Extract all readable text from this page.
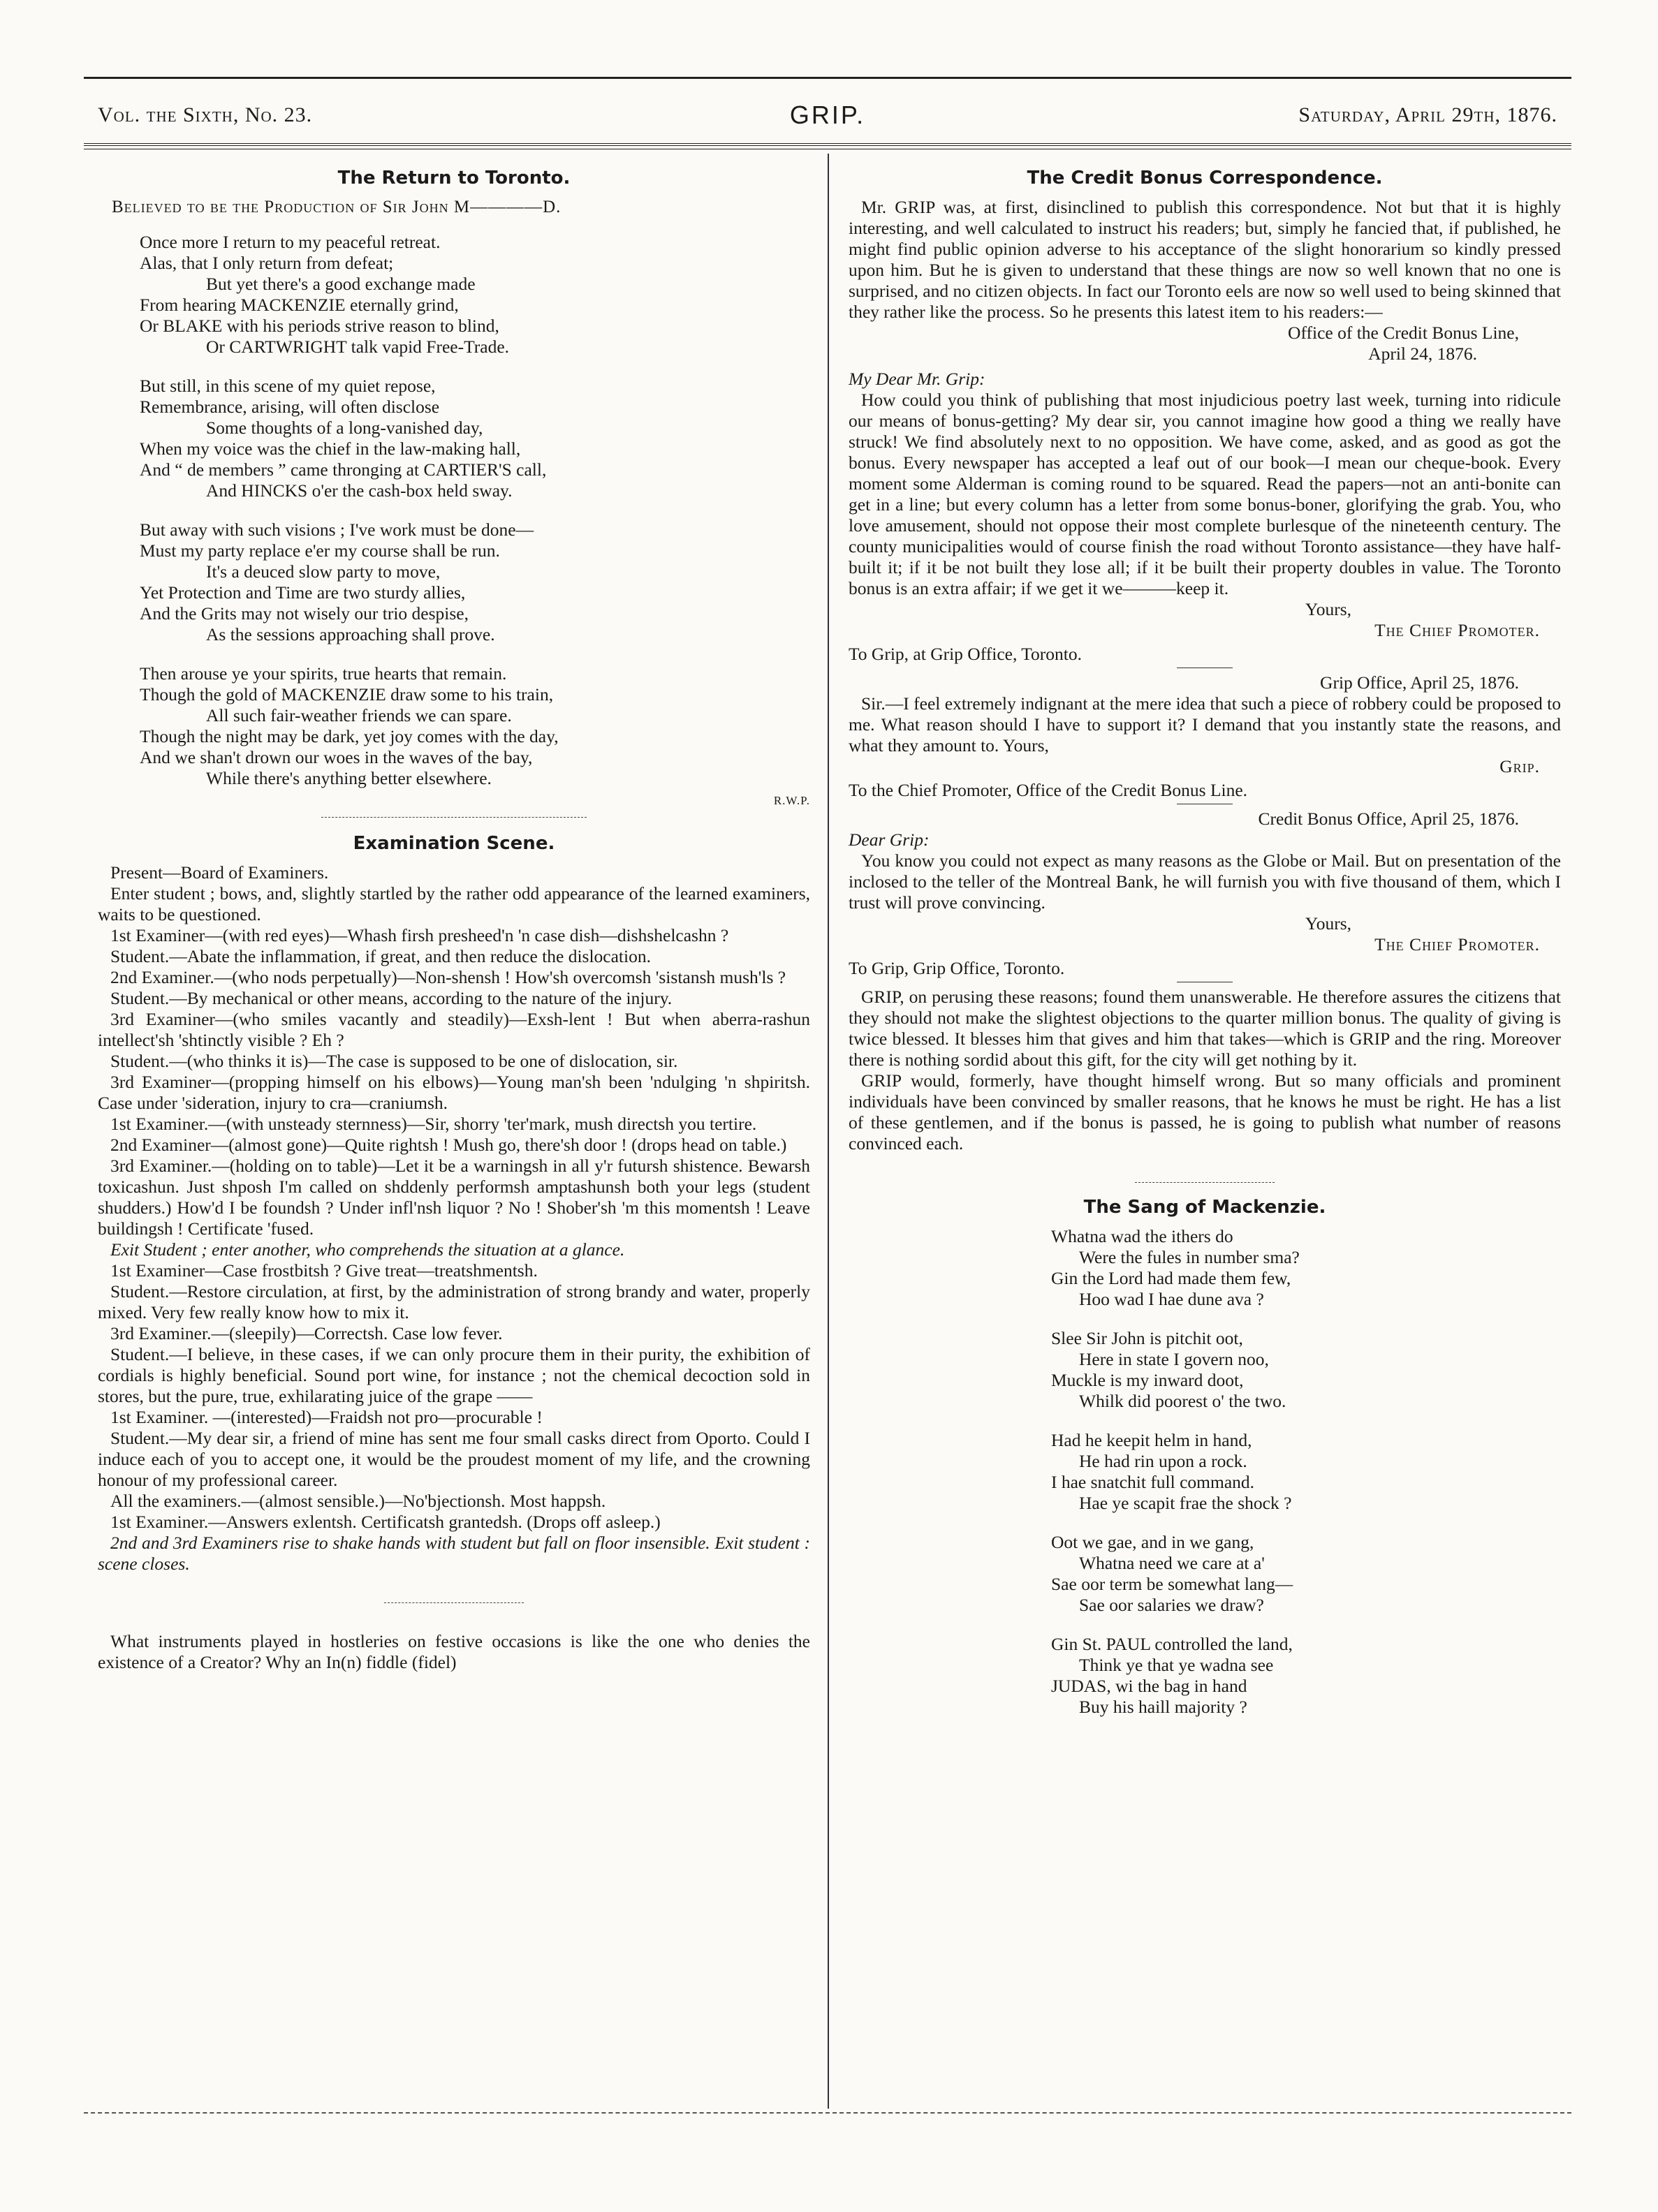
Vol. the Sixth, No. 23.	GRIP.	Saturday, April 29th, 1876.
The Return to Toronto.
Believed to be the Production of Sir John M————D.
Once more I return to my peaceful retreat.
Alas, that I only return from defeat;
But yet there's a good exchange made
From hearing MACKENZIE eternally grind,
Or BLAKE with his periods strive reason to blind,
Or CARTWRIGHT talk vapid Free-Trade.
But still, in this scene of my quiet repose,
Remembrance, arising, will often disclose
Some thoughts of a long-vanished day,
When my voice was the chief in the law-making hall,
And “ de members ” came thronging at CARTIER'S call,
And HINCKS o'er the cash-box held sway.
But away with such visions ; I've work must be done—
Must my party replace e'er my course shall be run.
It's a deuced slow party to move,
Yet Protection and Time are two sturdy allies,
And the Grits may not wisely our trio despise,
As the sessions approaching shall prove.
Then arouse ye your spirits, true hearts that remain.
Though the gold of MACKENZIE draw some to his train,
All such fair-weather friends we can spare.
Though the night may be dark, yet joy comes with the day,
And we shan't drown our woes in the waves of the bay,
While there's anything better elsewhere.
R.W.P.
Examination Scene.

Present—Board of Examiners.

Enter student ; bows, and, slightly startled by the rather odd appearance of the learned examiners, waits to be questioned.

1st Examiner—(with red eyes)—Whash firsh presheed'n 'n case dish—dishshelcashn ?

Student.—Abate the inflammation, if great, and then reduce the dislocation.

2nd Examiner.—(who nods perpetually)—Non-shensh ! How'sh overcomsh 'sistansh mush'ls ?

Student.—By mechanical or other means, according to the nature of the injury.

3rd Examiner—(who smiles vacantly and steadily)—Exsh-lent ! But when aberra-rashun intellect'sh 'shtinctly visible ? Eh ?

Student.—(who thinks it is)—The case is supposed to be one of dislocation, sir.

3rd Examiner—(propping himself on his elbows)—Young man'sh been 'ndulging 'n shpiritsh. Case under 'sideration, injury to cra—craniumsh.

1st Examiner.—(with unsteady sternness)—Sir, shorry 'ter'mark, mush directsh you tertire.

2nd Examiner—(almost gone)—Quite rightsh ! Mush go, there'sh door ! (drops head on table.)

3rd Examiner.—(holding on to table)—Let it be a warningsh in all y'r futursh shistence. Bewarsh toxicashun. Just shposh I'm called on shddenly performsh amptashunsh both your legs (student shudders.) How'd I be foundsh ? Under infl'nsh liquor ? No ! Shober'sh 'm this momentsh ! Leave buildingsh ! Certificate 'fused.

Exit Student ; enter another, who comprehends the situation at a glance.

1st Examiner—Case frostbitsh ? Give treat—treatshmentsh.

Student.—Restore circulation, at first, by the administration of strong brandy and water, properly mixed. Very few really know how to mix it.

3rd Examiner.—(sleepily)—Correctsh. Case low fever.

Student.—I believe, in these cases, if we can only procure them in their purity, the exhibition of cordials is highly beneficial. Sound port wine, for instance ; not the chemical decoction sold in stores, but the pure, true, exhilarating juice of the grape ——

1st Examiner. —(interested)—Fraidsh not pro—procurable !

Student.—My dear sir, a friend of mine has sent me four small casks direct from Oporto. Could I induce each of you to accept one, it would be the proudest moment of my life, and the crowning honour of my professional career.

All the examiners.—(almost sensible.)—No'bjectionsh. Most happsh.

1st Examiner.—Answers exlentsh. Certificatsh grantedsh. (Drops off asleep.)

2nd and 3rd Examiners rise to shake hands with student but fall on floor insensible. Exit student : scene closes.

What instruments played in hostleries on festive occasions is like the one who denies the existence of a Creator? Why an In(n) fiddle (fidel)

The Credit Bonus Correspondence.

Mr. GRIP was, at first, disinclined to publish this correspondence. Not but that it is highly interesting, and well calculated to instruct his readers; but, simply he fancied that, if published, he might find public opinion adverse to his acceptance of the slight honorarium so kindly pressed upon him. But he is given to understand that these things are now so well known that no one is surprised, and no citizen objects. In fact our Toronto eels are now so well used to being skinned that they rather like the process. So he presents this latest item to his readers:—

Office of the Credit Bonus Line,

April 24, 1876.

My Dear Mr. Grip:

How could you think of publishing that most injudicious poetry last week, turning into ridicule our means of bonus-getting? My dear sir, you cannot imagine how good a thing we really have struck! We find absolutely next to no opposition. We have come, asked, and as good as got the bonus. Every newspaper has accepted a leaf out of our book—I mean our cheque-book. Every moment some Alderman is coming round to be squared. Read the papers—not an anti-bonite can get in a line; but every column has a letter from some bonus-boner, glorifying the grab. You, who love amusement, should not oppose their most complete burlesque of the nineteenth century. The county municipalities would of course finish the road without Toronto assistance—they have half-built it; if it be not built they lose all; if it be built their property doubles in value. The Toronto bonus is an extra affair; if we get it we———keep it.

Yours,

The Chief Promoter.

To Grip, at Grip Office, Toronto.

Grip Office, April 25, 1876.

Sir.—I feel extremely indignant at the mere idea that such a piece of robbery could be proposed to me. What reason should I have to support it? I demand that you instantly state the reasons, and what they amount to. Yours,

Grip.

To the Chief Promoter, Office of the Credit Bonus Line.

Credit Bonus Office, April 25, 1876.

Dear Grip:

You know you could not expect as many reasons as the Globe or Mail. But on presentation of the inclosed to the teller of the Montreal Bank, he will furnish you with five thousand of them, which I trust will prove convincing.

Yours,

The Chief Promoter.

To Grip, Grip Office, Toronto.

GRIP, on perusing these reasons; found them unanswerable. He therefore assures the citizens that they should not make the slightest objections to the quarter million bonus. The quality of giving is twice blessed. It blesses him that gives and him that takes—which is GRIP and the ring. Moreover there is nothing sordid about this gift, for the city will get nothing by it.

GRIP would, formerly, have thought himself wrong. But so many officials and prominent individuals have been convinced by smaller reasons, that he knows he must be right. He has a list of these gentlemen, and if the bonus is passed, he is going to publish what number of reasons convinced each.

The Sang of Mackenzie.
Whatna wad the ithers do
Were the fules in number sma?
Gin the Lord had made them few,
Hoo wad I hae dune ava ?
Slee Sir John is pitchit oot,
Here in state I govern noo,
Muckle is my inward doot,
Whilk did poorest o' the two.
Had he keepit helm in hand,
He had rin upon a rock.
I hae snatchit full command.
Hae ye scapit frae the shock ?
Oot we gae, and in we gang,
Whatna need we care at a'
Sae oor term be somewhat lang—
Sae oor salaries we draw?
Gin St. PAUL controlled the land,
Think ye that ye wadna see
JUDAS, wi the bag in hand
Buy his haill majority ?
